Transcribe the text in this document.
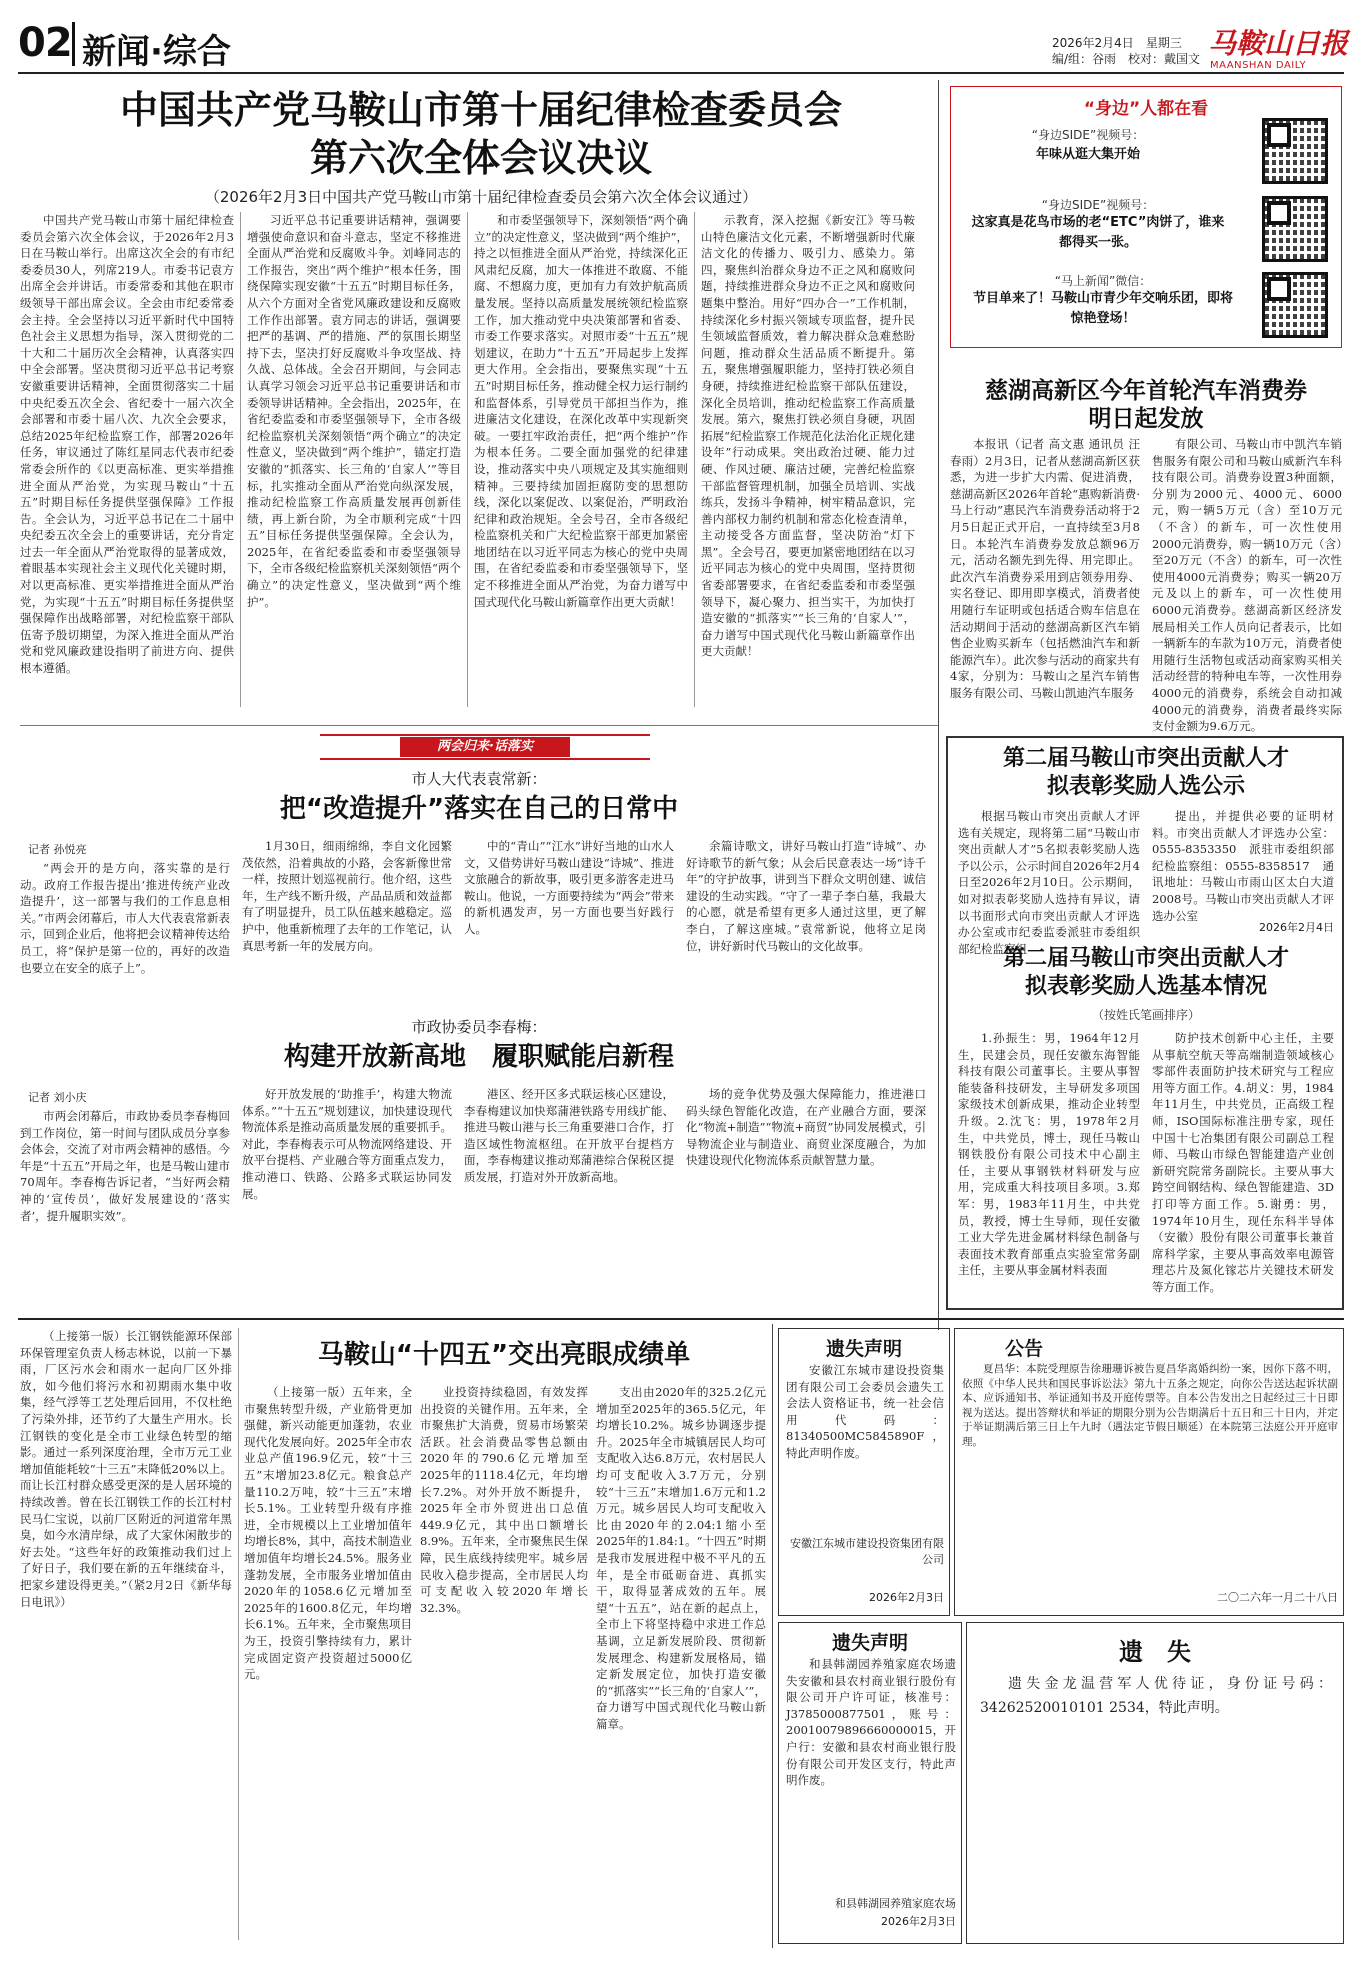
02 新闻·综合	2026年2月4日　 星期三
编/组：谷雨　校对：戴国文 马鞍山日报
MAANSHAN DAILY
中国共产党马鞍山市第十届纪律检查委员会
第六次全体会议决议
（2026年2月3日中国共产党马鞍山市第十届纪律检查委员会第六次全体会议通过）

中国共产党马鞍山市第十届纪律检查委员会第六次全体会议，于2026年2月3日在马鞍山举行。出席这次全会的有市纪委委员30人，列席219人。市委书记袁方出席全会并讲话。市委常委和其他在职市级领导干部出席会议。全会由市纪委常委会主持。全会坚持以习近平新时代中国特色社会主义思想为指导，深入贯彻党的二十大和二十届历次全会精神，认真落实四中全会部署。坚决贯彻习近平总书记考察安徽重要讲话精神，全面贯彻落实二十届中央纪委五次全会、省纪委十一届六次全会部署和市委十届八次、九次全会要求，总结2025年纪检监察工作，部署2026年任务，审议通过了陈红星同志代表市纪委常委会所作的《以更高标准、更实举措推进全面从严治党，为实现马鞍山“十五五”时期目标任务提供坚强保障》工作报告。全会认为，习近平总书记在二十届中央纪委五次全会上的重要讲话，充分肯定过去一年全面从严治党取得的显著成效，着眼基本实现社会主义现代化关键时期，对以更高标准、更实举措推进全面从严治党，为实现“十五五”时期目标任务提供坚强保障作出战略部署，对纪检监察干部队伍寄予殷切期望，为深入推进全面从严治党和党风廉政建设指明了前进方向、提供根本遵循。

习近平总书记重要讲话精神，强调要增强使命意识和奋斗意志，坚定不移推进全面从严治党和反腐败斗争。刘峰同志的工作报告，突出“两个维护”根本任务，围绕保障实现安徽“十五五”时期目标任务，从六个方面对全省党风廉政建设和反腐败工作作出部署。袁方同志的讲话，强调要把严的基调、严的措施、严的氛围长期坚持下去，坚决打好反腐败斗争攻坚战、持久战、总体战。全会召开期间，与会同志认真学习领会习近平总书记重要讲话和市委领导讲话精神。全会指出，2025年，在省纪委监委和市委坚强领导下，全市各级纪检监察机关深刻领悟“两个确立”的决定性意义，坚决做到“两个维护”，锚定打造安徽的“抓落实、长三角的‘自家人’”等目标，扎实推动全面从严治党向纵深发展，推动纪检监察工作高质量发展再创新佳绩，再上新台阶，为全市顺利完成“十四五”目标任务提供坚强保障。全会认为，2025年，在省纪委监委和市委坚强领导下，全市各级纪检监察机关深刻领悟“两个确立”的决定性意义，坚决做到“两个维护”。

和市委坚强领导下，深刻领悟“两个确立”的决定性意义，坚决做到“两个维护”，持之以恒推进全面从严治党，持续深化正风肃纪反腐，加大一体推进不敢腐、不能腐、不想腐力度，更加有力有效护航高质量发展。坚持以高质量发展统领纪检监察工作，加大推动党中央决策部署和省委、市委工作要求落实。对照市委“十五五”规划建议，在助力“十五五”开局起步上发挥更大作用。全会指出，要聚焦实现“十五五”时期目标任务，推动健全权力运行制约和监督体系，引导党员干部担当作为，推进廉洁文化建设，在深化改革中实现新突破。一要扛牢政治责任，把“两个维护”作为根本任务。二要全面加强党的纪律建设，推动落实中央八项规定及其实施细则精神。三要持续加固拒腐防变的思想防线，深化以案促改、以案促治，严明政治纪律和政治规矩。全会号召，全市各级纪检监察机关和广大纪检监察干部更加紧密地团结在以习近平同志为核心的党中央周围，在省纪委监委和市委坚强领导下，坚定不移推进全面从严治党，为奋力谱写中国式现代化马鞍山新篇章作出更大贡献！

示教育，深入挖掘《新安江》等马鞍山特色廉洁文化元素，不断增强新时代廉洁文化的传播力、吸引力、感染力。第四，聚焦纠治群众身边不正之风和腐败问题，持续推进群众身边不正之风和腐败问题集中整治。用好“四办合一”工作机制，持续深化乡村振兴领域专项监督，提升民生领域监督质效，着力解决群众急难愁盼问题，推动群众生活品质不断提升。第五，聚焦增强履职能力，坚持打铁必须自身硬，持续推进纪检监察干部队伍建设，深化全员培训，推动纪检监察工作高质量发展。第六，聚焦打铁必须自身硬，巩固拓展“纪检监察工作规范化法治化正规化建设年”行动成果。突出政治过硬、能力过硬、作风过硬、廉洁过硬，完善纪检监察干部监督管理机制，加强全员培训、实战练兵，发扬斗争精神，树牢精品意识，完善内部权力制约机制和常态化检查清单，主动接受各方面监督，坚决防治“灯下黑”。全会号召，要更加紧密地团结在以习近平同志为核心的党中央周围，坚持贯彻省委部署要求，在省纪委监委和市委坚强领导下，凝心聚力、担当实干，为加快打造安徽的“抓落实”“长三角的‘自家人’”，奋力谱写中国式现代化马鞍山新篇章作出更大贡献！

“身边”人都在看
“身边SIDE”视频号：
年味从逛大集开始
“身边SIDE”视频号：
这家真是花鸟市场的老“ETC”肉饼了，谁来都得买一张。
“马上新闻”微信：
节目单来了！马鞍山市青少年交响乐团，即将惊艳登场！
慈湖高新区今年首轮汽车消费券
明日起发放

本报讯（记者 高文惠 通讯员 汪春雨）2月3日，记者从慈湖高新区获悉，为进一步扩大内需、促进消费，慈湖高新区2026年首轮“惠购新消费·马上行动”惠民汽车消费券活动将于2月5日起正式开启，一直持续至3月8日。本轮汽车消费券发放总额96万元，活动名额先到先得、用完即止。此次汽车消费券采用到店领券用券、实名登记、即用即享模式，消费者使用随行车证明或包括适合购车信息在活动期间于活动的慈湖高新区汽车销售企业购买新车（包括燃油汽车和新能源汽车）。此次参与活动的商家共有4家，分别为：马鞍山之星汽车销售服务有限公司、马鞍山凯迪汽车服务

有限公司、马鞍山市中凯汽车销售服务有限公司和马鞍山威新汽车科技有限公司。消费券设置3种面额，分别为2000元、4000元、6000元，购一辆5万元（含）至10万元（不含）的新车，可一次性使用2000元消费券，购一辆10万元（含）至20万元（不含）的新车，可一次性使用4000元消费券；购买一辆20万元及以上的新车，可一次性使用6000元消费券。慈湖高新区经济发展局相关工作人员向记者表示，比如一辆新车的车款为10万元，消费者使用随行生活物包或活动商家购买相关活动经营的特种电车等，一次性用券4000元的消费券，系统会自动扣减4000元的消费券，消费者最终实际支付金额为9.6万元。

第二届马鞍山市突出贡献人才
拟表彰奖励人选公示

根据马鞍山市突出贡献人才评选有关规定，现将第二届“马鞍山市突出贡献人才”5名拟表彰奖励人选予以公示，公示时间自2026年2月4日至2026年2月10日。公示期间，如对拟表彰奖励人选持有异议，请以书面形式向市突出贡献人才评选办公室或市纪委监委派驻市委组织部纪检监察组

提出，并提供必要的证明材料。市突出贡献人才评选办公室：0555-8353350　派驻市委组织部纪检监察组：0555-8358517　通讯地址：马鞍山市雨山区太白大道2008号。马鞍山市突出贡献人才评选办公室

2026年2月4日
第二届马鞍山市突出贡献人才
拟表彰奖励人选基本情况
（按姓氏笔画排序）

1.孙振生：男，1964年12月生，民建会员，现任安徽东海智能科技有限公司董事长。主要从事智能装备科技研发，主导研发多项国家级技术创新成果，推动企业转型升级。2.沈飞：男，1978年2月生，中共党员，博士，现任马鞍山钢铁股份有限公司技术中心副主任，主要从事钢铁材料研发与应用，完成重大科技项目多项。3.郑军：男，1983年11月生，中共党员，教授，博士生导师，现任安徽工业大学先进金属材料绿色制备与表面技术教育部重点实验室常务副主任，主要从事金属材料表面

防护技术创新中心主任，主要从事航空航天等高端制造领域核心零部件表面防护技术研究与工程应用等方面工作。4.胡义：男，1984年11月生，中共党员，正高级工程师，ISO国际标准注册专家，现任中国十七冶集团有限公司副总工程师、马鞍山市绿色智能建造产业创新研究院常务副院长。主要从事大跨空间钢结构、绿色智能建造、3D打印等方面工作。5.谢勇：男，1974年10月生，现任东科半导体（安徽）股份有限公司董事长兼首席科学家，主要从事高效率电源管理芯片及氮化镓芯片关键技术研发等方面工作。

两会归来·话落实
市人大代表袁常新：
把“改造提升”落实在自己的日常中
记者 孙悦亮

“两会开的是方向，落实靠的是行动。政府工作报告提出‘推进传统产业改造提升’，这一部署与我们的工作息息相关。”市两会闭幕后，市人大代表袁常新表示，回到企业后，他将把会议精神传达给员工，将“保护是第一位的，再好的改造也要立在安全的底子上”。

1月30日，细雨绵绵，李自文化园繁茂依然，沿着典故的小路，会客新像世常一样，按照计划巡视前行。他介绍，这些年，生产线不断升级，产品品质和效益都有了明显提升，员工队伍越来越稳定。巡护中，他重新梳理了去年的工作笔记，认真思考新一年的发展方向。

中的“青山”“江水”讲好当地的山水人文，又借势讲好马鞍山建设“诗城”、推进文旅融合的新故事，吸引更多游客走进马鞍山。他说，一方面要持续为“两会”带来的新机遇发声，另一方面也要当好践行人。

余篇诗歌文，讲好马鞍山打造“诗城”、办好诗歌节的新气象；从会后民意表达一场“诗千年”的守护故事，讲到当下群众文明创建、诚信建设的生动实践。“守了一辈子李白墓，我最大的心愿，就是希望有更多人通过这里，更了解李白，了解这座城。”袁常新说，他将立足岗位，讲好新时代马鞍山的文化故事。

市政协委员李春梅：
构建开放新高地　履职赋能启新程
记者 刘小庆

市两会闭幕后，市政协委员李春梅回到工作岗位，第一时间与团队成员分享参会体会，交流了对市两会精神的感悟。今年是“十五五”开局之年，也是马鞍山建市70周年。李春梅告诉记者，“当好两会精神的‘宣传员’，做好发展建设的‘落实者’，提升履职实效”。

好开放发展的‘助推手’，构建大物流体系。”“十五五”规划建议，加快建设现代物流体系是推动高质量发展的重要抓手。对此，李春梅表示可从物流网络建设、开放平台提档、产业融合等方面重点发力，推动港口、铁路、公路多式联运协同发展。

港区、经开区多式联运核心区建设，李春梅建议加快郑蒲港铁路专用线扩能、推进马鞍山港与长三角重要港口合作，打造区域性物流枢纽。在开放平台提档方面，李春梅建议推动郑蒲港综合保税区提质发展，打造对外开放新高地。

场的竞争优势及强大保障能力，推进港口码头绿色智能化改造，在产业融合方面，要深化“物流+制造”“物流+商贸”协同发展模式，引导物流企业与制造业、商贸业深度融合，为加快建设现代化物流体系贡献智慧力量。

（上接第一版）长江钢铁能源环保部环保管理室负责人杨志林说，以前一下暴雨，厂区污水会和雨水一起向厂区外排放，如今他们将污水和初期雨水集中收集，经气浮等工艺处理后回用，不仅杜绝了污染外排，还节约了大量生产用水。长江钢铁的变化是全市工业绿色转型的缩影。通过一系列深度治理，全市万元工业增加值能耗较“十三五”末降低20%以上。而让长江村群众感受更深的是人居环境的持续改善。曾在长江钢铁工作的长江村村民马仁宝说，以前厂区附近的河道常年黑臭，如今水清岸绿，成了大家休闲散步的好去处。“这些年好的政策推动我们过上了好日子，我们要在新的五年继续奋斗，把家乡建设得更美。”（紧2月2日《新华每日电讯》）

马鞍山“十四五”交出亮眼成绩单

（上接第一版）五年来，全市聚焦转型升级，产业筋骨更加强健，新兴动能更加蓬勃，农业现代化发展向好。2025年全市农业总产值196.9亿元，较“十三五”末增加23.8亿元。粮食总产量110.2万吨，较“十三五”末增长5.1%。工业转型升级有序推进，全市规模以上工业增加值年均增长8%，其中，高技术制造业增加值年均增长24.5%。服务业蓬勃发展，全市服务业增加值由2020年的1058.6亿元增加至2025年的1600.8亿元，年均增长6.1%。五年来，全市聚焦项目为王，投资引擎持续有力，累计完成固定资产投资超过5000亿元。

业投资持续稳固，有效发挥出投资的关键作用。五年来，全市聚焦扩大消费，贸易市场繁荣活跃。社会消费品零售总额由2020年的790.6亿元增加至2025年的1118.4亿元，年均增长7.2%。对外开放不断提升，2025年全市外贸进出口总值449.9亿元，其中出口额增长8.9%。五年来，全市聚焦民生保障，民生底线持续兜牢。城乡居民收入稳步提高，全市居民人均可支配收入较2020年增长32.3%。

支出由2020年的325.2亿元增加至2025年的365.5亿元，年均增长10.2%。城乡协调逐步提升。2025年全市城镇居民人均可支配收入达6.8万元，农村居民人均可支配收入3.7万元，分别较“十三五”末增加1.6万元和1.2万元。城乡居民人均可支配收入比由2020年的2.04:1缩小至2025年的1.84:1。“十四五”时期是我市发展进程中极不平凡的五年，是全市砥砺奋进、真抓实干，取得显著成效的五年。展望“十五五”，站在新的起点上，全市上下将坚持稳中求进工作总基调，立足新发展阶段、贯彻新发展理念、构建新发展格局，锚定新发展定位，加快打造安徽的“抓落实”“长三角的‘自家人’”，奋力谱写中国式现代化马鞍山新篇章。

遗失声明

安徽江东城市建设投资集团有限公司工会委员会遗失工会法人资格证书，统一社会信用代码：81340500MC5845890F，特此声明作废。

安徽江东城市建设投资集团有限公司
2026年2月3日
公告

夏昌华：本院受理原告徐珊珊诉被告夏昌华离婚纠纷一案，因你下落不明，依照《中华人民共和国民事诉讼法》第九十五条之规定，向你公告送达起诉状副本、应诉通知书、举证通知书及开庭传票等。自本公告发出之日起经过三十日即视为送达。提出答辩状和举证的期限分别为公告期满后十五日和三十日内，并定于举证期满后第三日上午九时（遇法定节假日顺延）在本院第三法庭公开开庭审理。

二〇二六年一月二十八日
遗失声明

和县韩湖园养殖家庭农场遗失安徽和县农村商业银行股份有限公司开户许可证，核准号：J3785000877501，账号：20010079896660000015，开户行：安徽和县农村商业银行股份有限公司开发区支行，特此声明作废。

和县韩湖园养殖家庭农场
2026年2月3日
遗　失

遗失金龙温营军人优待证，身份证号码：34262520010101 2534，特此声明。
